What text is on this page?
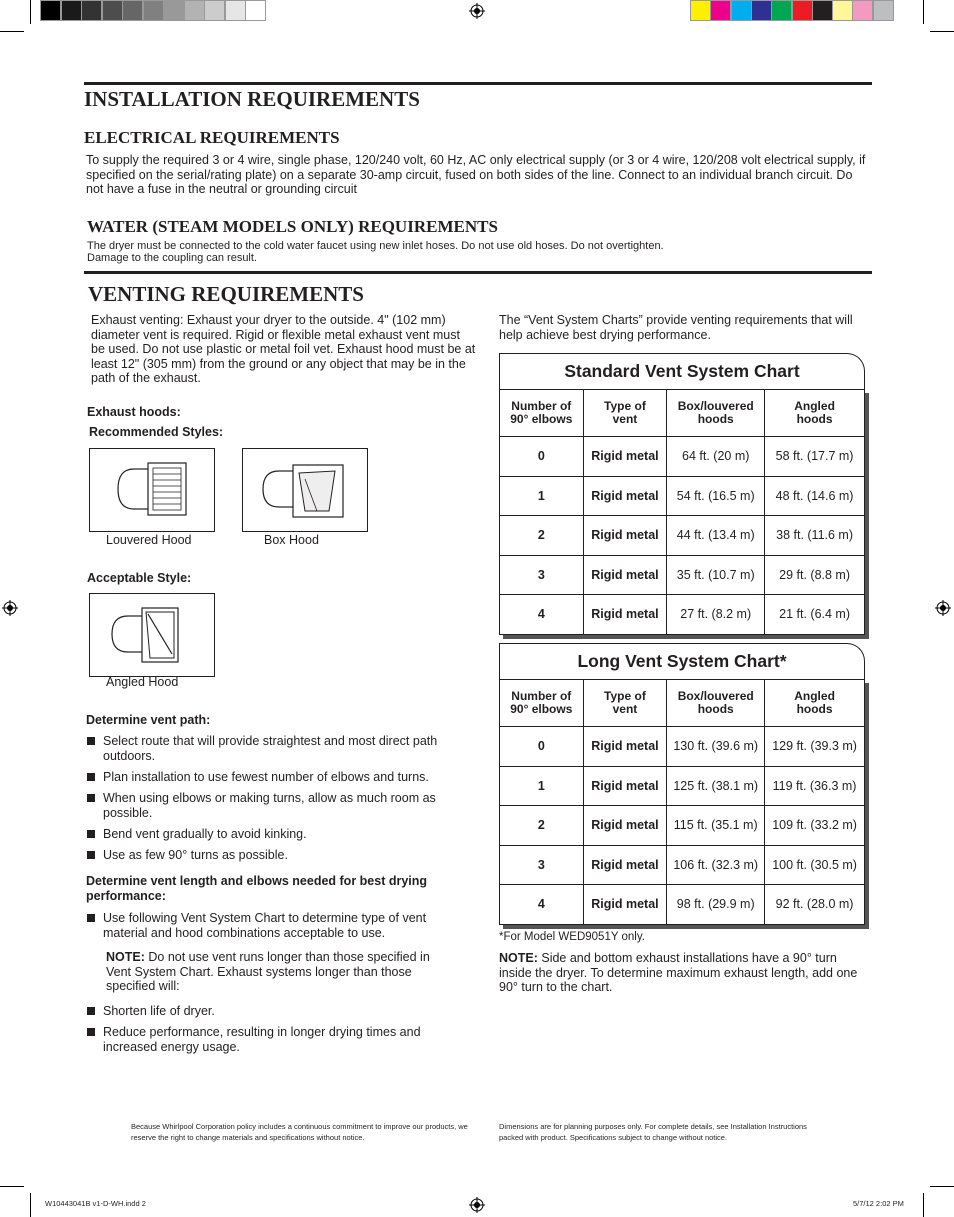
INSTALLATION REQUIREMENTS
ELECTRICAL REQUIREMENTS
To supply the required 3 or 4 wire, single phase, 120/240 volt, 60 Hz, AC only electrical supply (or 3 or 4 wire, 120/208 volt electrical supply, if specified on the serial/rating plate) on a separate 30-amp circuit, fused on both sides of the line. Connect to an individual branch circuit. Do not have a fuse in the neutral or grounding circuit
WATER (STEAM MODELS ONLY) REQUIREMENTS
The dryer must be connected to the cold water faucet using new inlet hoses. Do not use old hoses. Do not overtighten.
Damage to the coupling can result.
VENTING REQUIREMENTS
Exhaust venting: Exhaust your dryer to the outside. 4" (102 mm) diameter vent is required. Rigid or flexible metal exhaust vent must be used. Do not use plastic or metal foil vet. Exhaust hood must be at least 12" (305 mm) from the ground or any object that may be in the path of the exhaust.
Exhaust hoods:
Recommended Styles:
Louvered Hood	Box Hood
Acceptable Style:
Angled Hood
Determine vent path:
Select route that will provide straightest and most direct path outdoors.
Plan installation to use fewest number of elbows and turns.
When using elbows or making turns, allow as much room as possible.
Bend vent gradually to avoid kinking.
Use as few 90° turns as possible.
Determine vent length and elbows needed for best drying performance:
Use following Vent System Chart to determine type of vent material and hood combinations acceptable to use.
NOTE: Do not use vent runs longer than those specified in Vent System Chart. Exhaust systems longer than those specified will:
Shorten life of dryer.
Reduce performance, resulting in longer drying times and increased energy usage.
The “Vent System Charts” provide venting requirements that will help achieve best drying performance.
Standard Vent System Chart
Number of 90° elbows	Type of vent	Box/louvered hoods	Angled hoods
0	Rigid metal	64 ft. (20 m)	58 ft. (17.7 m)
1	Rigid metal	54 ft. (16.5 m)	48 ft. (14.6 m)
2	Rigid metal	44 ft. (13.4 m)	38 ft. (11.6 m)
3	Rigid metal	35 ft. (10.7 m)	29 ft. (8.8 m)
4	Rigid metal	27 ft. (8.2 m)	21 ft. (6.4 m)
Long Vent System Chart*
Number of 90° elbows	Type of vent	Box/louvered hoods	Angled hoods
0	Rigid metal	130 ft. (39.6 m)	129 ft. (39.3 m)
1	Rigid metal	125 ft. (38.1 m)	119 ft. (36.3 m)
2	Rigid metal	115 ft. (35.1 m)	109 ft. (33.2 m)
3	Rigid metal	106 ft. (32.3 m)	100 ft. (30.5 m)
4	Rigid metal	98 ft. (29.9 m)	92 ft. (28.0 m)
*For Model WED9051Y only.
NOTE: Side and bottom exhaust installations have a 90° turn inside the dryer. To determine maximum exhaust length, add one 90° turn to the chart.
Because Whirlpool Corporation policy includes a continuous commitment to improve our products, we reserve the right to change materials and specifications without notice.
Dimensions are for planning purposes only. For complete details, see Installation Instructions packed with product. Specifications subject to change without notice.
W10443041B v1-D-WH.indd 2	5/7/12 2:02 PM
